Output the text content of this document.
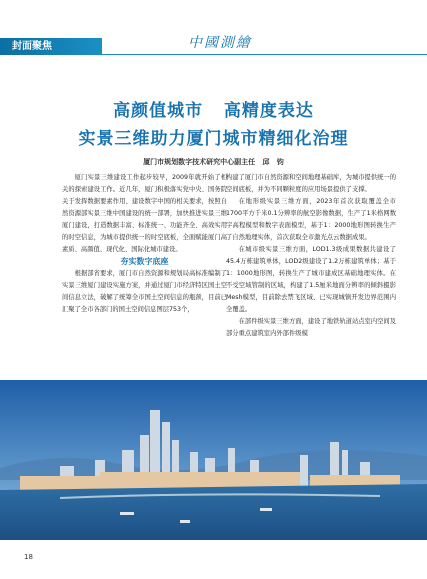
封面聚焦	中國測繪
高颜值城市   高精度表达
实景三维助力厦门城市精细化治理
厦门市规划数字技术研究中心副主任   邱   钧

厦门实景三维建设工作起步较早，2009年就开始了相关的探索建设工作。近几年，厦门积极落实党中央、国务院关于发挥数据要素作用、建设数字中国的相关要求，按照自然资源部实景三维中国建设的统一部署，加快推进实景三维厦门建设，打造数据丰富、标准统一、功能齐全、高效实用的时空信息，为城市提供统一的时空底板，全面赋能厦门高素质、高颜值、现代化、国际化城市建设。

夯实数字底座

根据部省要求，厦门市自然资源和规划局高标准编制了实景三维厦门建设实施方案，并通过厦门市经济特区国土空间信息立法，破解了统筹全市国土空间信息的瓶颈，目前已汇聚了全市各部门的国土空间信息图层753个，

构建了厦门市自然资源和空间地理基础库，为城市提供统一的空间底板，并为不同颗粒度的应用场景提供了支撑。

在地形级实景三维方面，2023年首次获取覆盖全市1700平方千米0.1分辨率的航空影像数据，生产了1米格网数字高程模型和数字表面模型，基于1：2000地形图转换生产了自然地理实体，首次获取全市激光点云数据成果。

在城市级实景三维方面，LOD1.3级成果数据共建设了45.4万栋建筑单体，LOD2级建设了1.2万栋建筑单体；基于1：1000地形图，转换生产了城市建成区基础地理实体。在不受空域管制的区域，构建了1.5厘米地面分辨率的倾斜摄影Mesh模型，目前除去禁飞区域、已实现城镇开发边界范围内全覆盖。

在部件级实景三维方面，建设了地铁轨道站点室内空间及部分重点建筑室内外部件级模

18
